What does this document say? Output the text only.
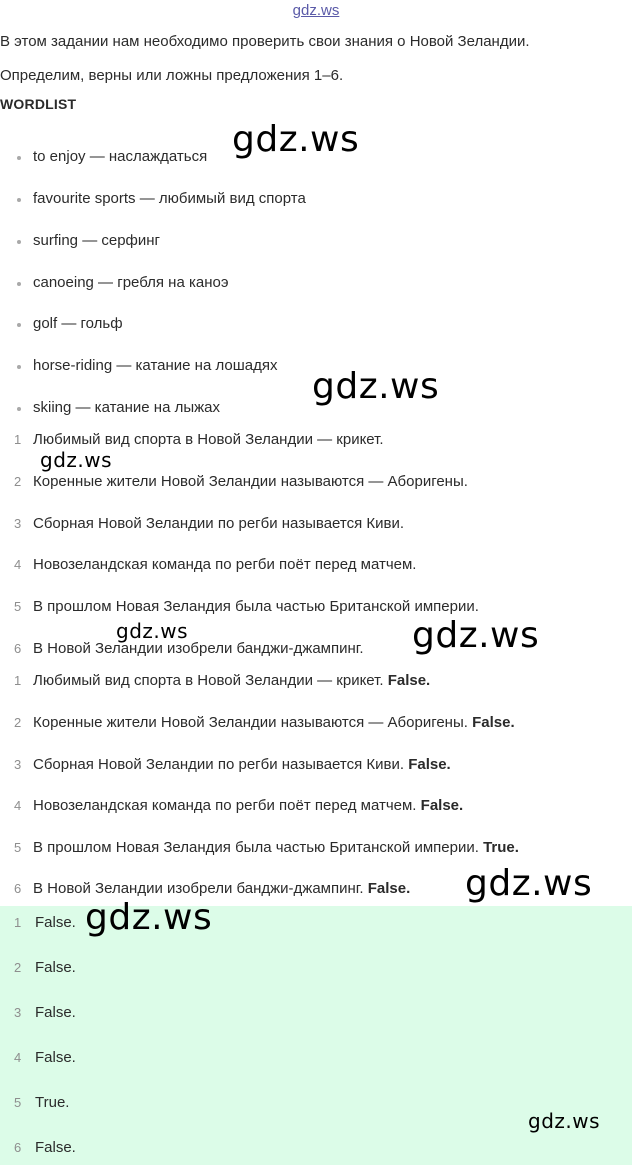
gdz.ws
В этом задании нам необходимо проверить свои знания о Новой Зеландии.
Определим, верны или ложны предложения 1–6.
WORDLIST
to enjoy — наслаждаться
favourite sports — любимый вид спорта
surfing — серфинг
canoeing — гребля на каноэ
golf — гольф
horse-riding — катание на лошадях
skiing — катание на лыжах
1 Любимый вид спорта в Новой Зеландии — крикет.
2 Коренные жители Новой Зеландии называются — Аборигены.
3 Сборная Новой Зеландии по регби называется Киви.
4 Новозеландская команда по регби поёт перед матчем.
5 В прошлом Новая Зеландия была частью Британской империи.
6 В Новой Зеландии изобрели банджи-джампинг.
1 Любимый вид спорта в Новой Зеландии — крикет. False.
2 Коренные жители Новой Зеландии называются — Аборигены. False.
3 Сборная Новой Зеландии по регби называется Киви. False.
4 Новозеландская команда по регби поёт перед матчем. False.
5 В прошлом Новая Зеландия была частью Британской империи. True.
6 В Новой Зеландии изобрели банджи-джампинг. False.
1 False.
2 False.
3 False.
4 False.
5 True.
6 False.
gdz.ws
gdz.ws
gdz.ws
gdz.ws	gdz.ws
gdz.ws
gdz.ws
gdz.ws
